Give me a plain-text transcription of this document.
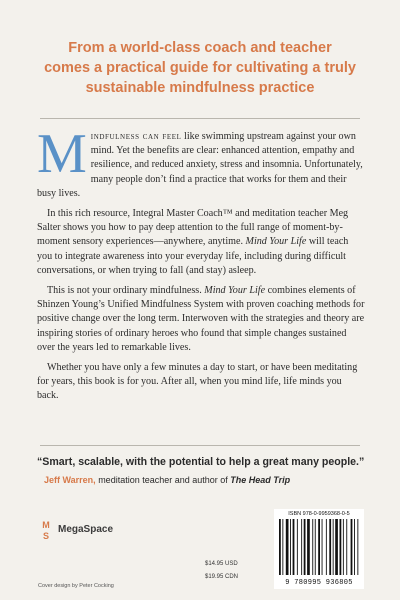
From a world-class coach and teacher
comes a practical guide for cultivating a truly
sustainable mindfulness practice

Mindfulness can feel like swimming upstream against your own mind. Yet the benefits are clear: enhanced attention, empathy and resilience, and reduced anxiety, stress and insomnia. Unfortunately, many people don’t find a practice that works for them and their busy lives.

In this rich resource, Integral Master Coach™ and meditation teacher Meg Salter shows you how to pay deep attention to the full range of moment-by-moment sensory experiences—anywhere, anytime. Mind Your Life will teach you to integrate awareness into your everyday life, including during difficult conversations, or when trying to fall (and stay) asleep.

This is not your ordinary mindfulness. Mind Your Life combines elements of Shinzen Young’s Unified Mindfulness System with proven coaching methods for positive change over the long term. Interwoven with the strategies and theory are inspiring stories of ordinary heroes who found that simple changes sustained over the years led to remarkable lives.

Whether you have only a few minutes a day to start, or have been meditating for years, this book is for you. After all, when you mind life, life minds you back.

“Smart, scalable, with the potential to help a great many people.”
Jeff Warren, meditation teacher and author of The Head Trip
M
S
MegaSpace
$14.95 USD
$19.95 CDN
Cover design by Peter Cocking
ISBN 978-0-9959368-0-5
9 780995 936805
